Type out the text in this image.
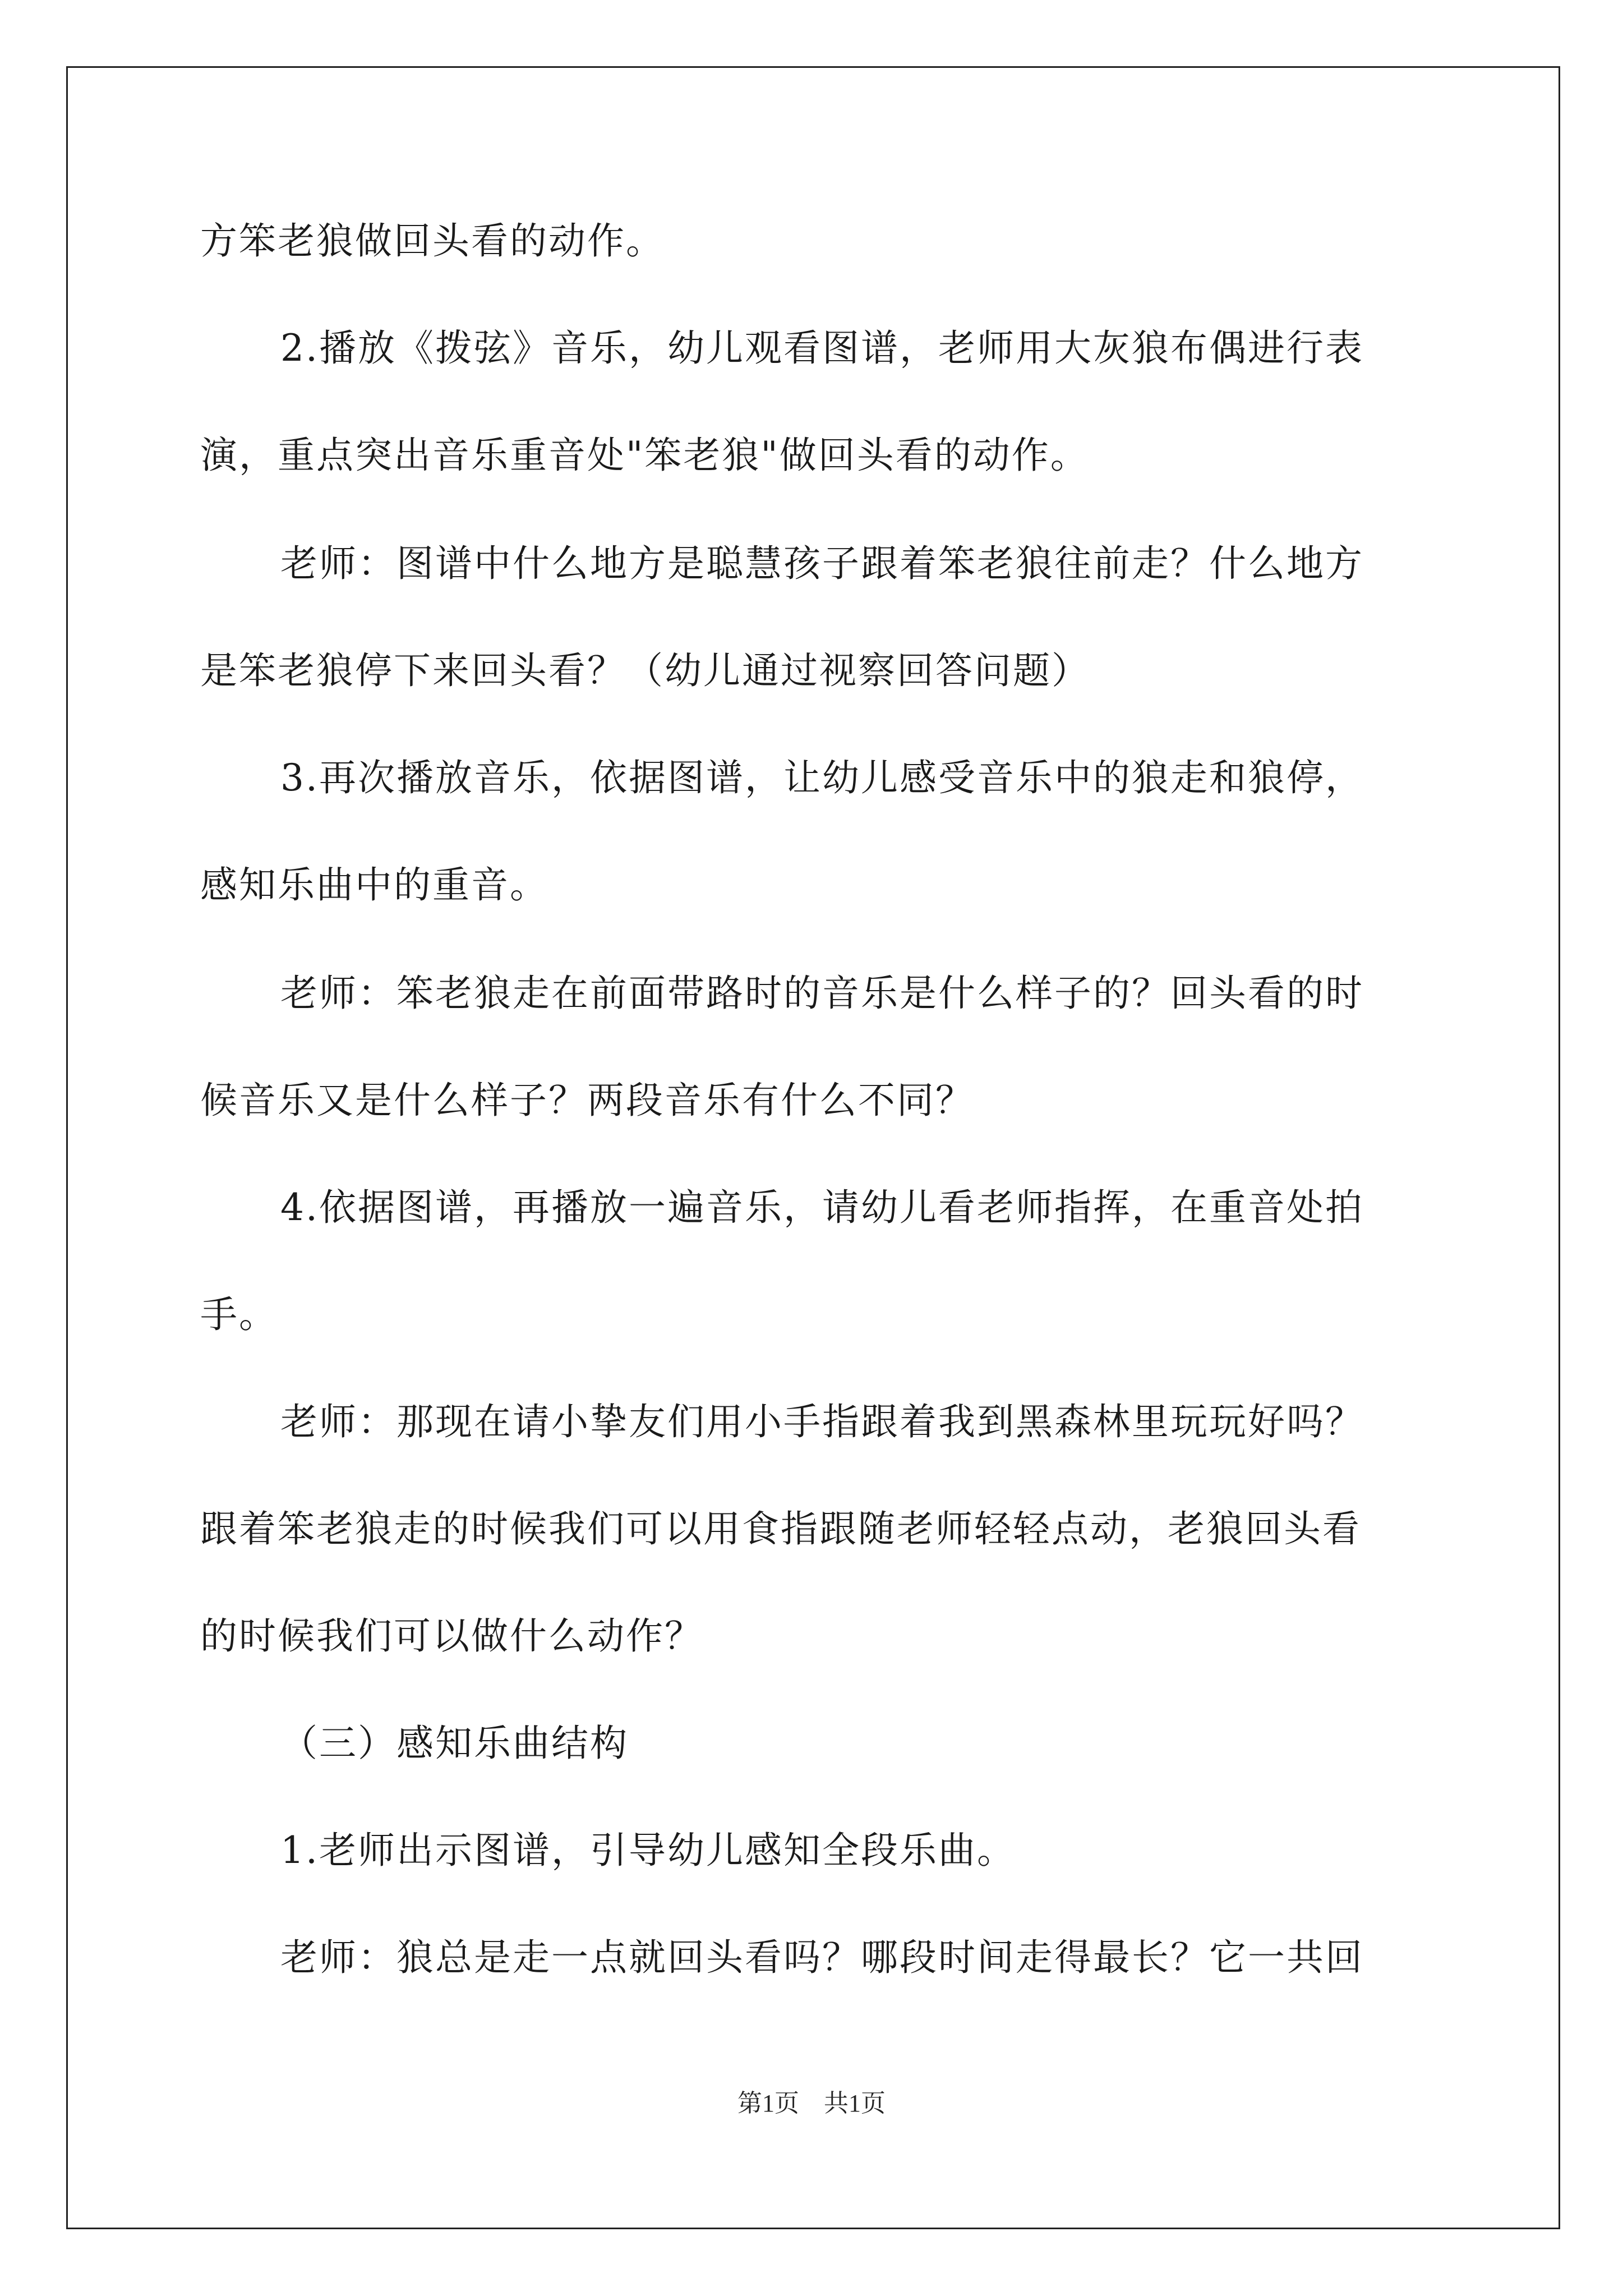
方笨老狼做回头看的动作。
2.播放《拨弦》音乐，幼儿观看图谱，老师用大灰狼布偶进行表
演，重点突出音乐重音处"笨老狼"做回头看的动作。
老师：图谱中什么地方是聪慧孩子跟着笨老狼往前走？什么地方
是笨老狼停下来回头看？（幼儿通过视察回答问题）
3.再次播放音乐，依据图谱，让幼儿感受音乐中的狼走和狼停，
感知乐曲中的重音。
老师：笨老狼走在前面带路时的音乐是什么样子的？回头看的时
候音乐又是什么样子？两段音乐有什么不同？
4.依据图谱，再播放一遍音乐，请幼儿看老师指挥，在重音处拍
手。
老师：那现在请小挚友们用小手指跟着我到黑森林里玩玩好吗？
跟着笨老狼走的时候我们可以用食指跟随老师轻轻点动，老狼回头看
的时候我们可以做什么动作？
（三）感知乐曲结构
1.老师出示图谱，引导幼儿感知全段乐曲。
老师：狼总是走一点就回头看吗？哪段时间走得最长？它一共回
第1页　共1页
